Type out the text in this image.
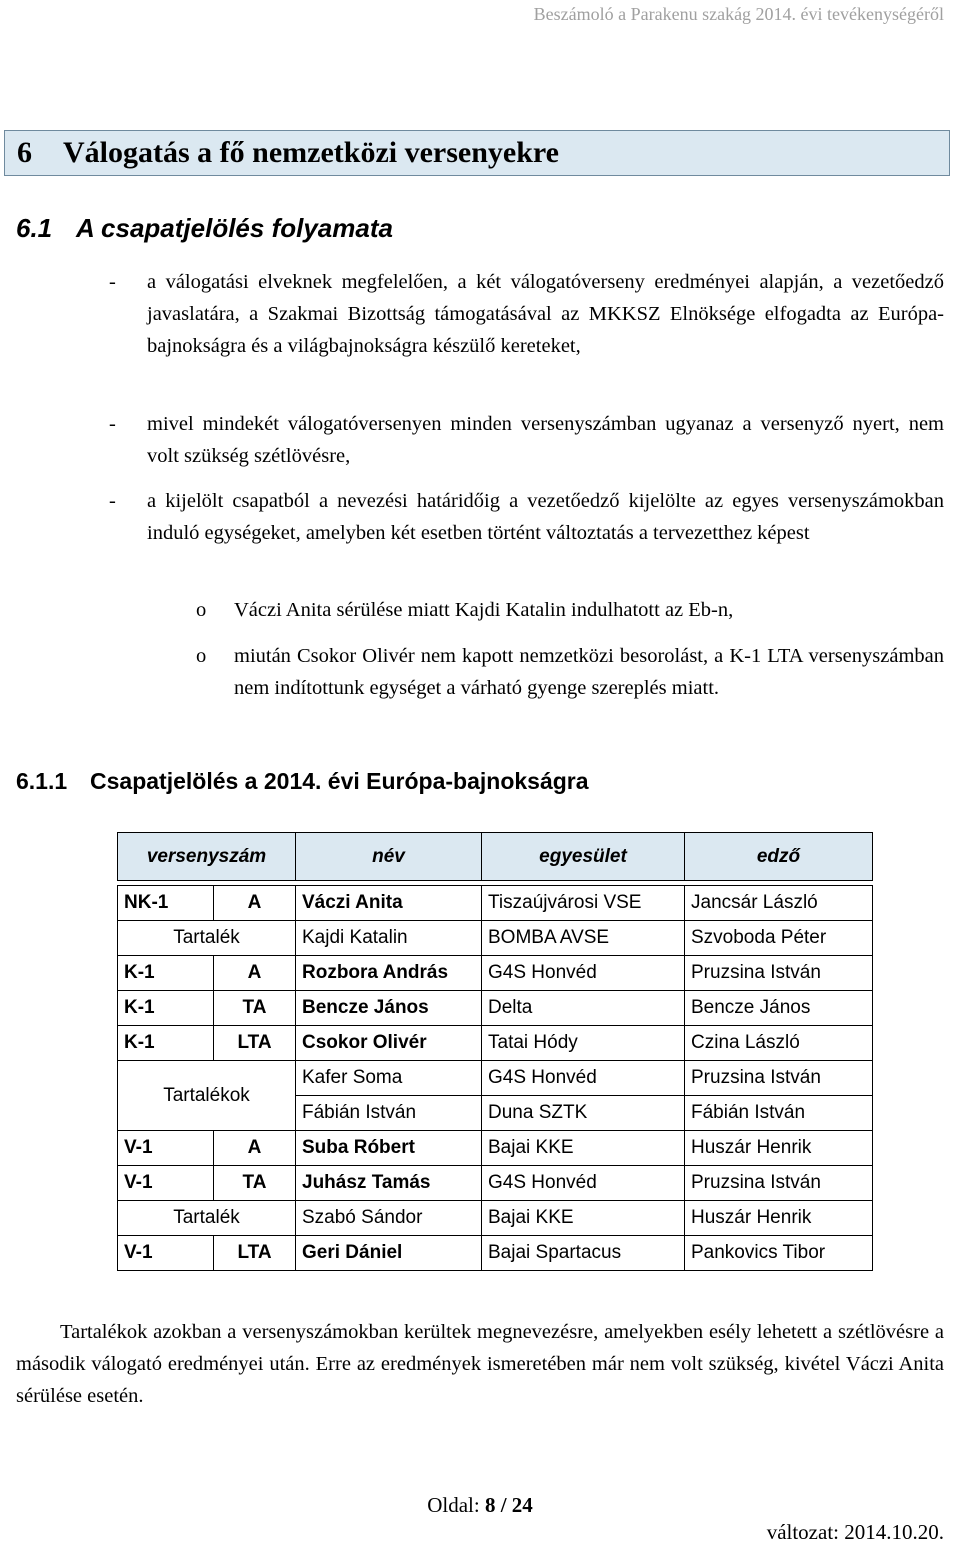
Beszámoló a Parakenu szakág 2014. évi tevékenységéről
6 Válogatás a fő nemzetközi versenyekre
6.1 A csapatjelölés folyamata
- a válogatási elveknek megfelelően, a két válogatóverseny eredményei alapján, a vezetőedző javaslatára, a Szakmai Bizottság támogatásával az MKKSZ Elnöksége elfogadta az Európa-bajnokságra és a világbajnokságra készülő kereteket,
- mivel mindekét válogatóversenyen minden versenyszámban ugyanaz a versenyző nyert, nem volt szükség szétlövésre,
- a kijelölt csapatból a nevezési határidőig a vezetőedző kijelölte az egyes versenyszámokban induló egységeket, amelyben két esetben történt változtatás a tervezetthez képest
o Váczi Anita sérülése miatt Kajdi Katalin indulhatott az Eb-n,
o miután Csokor Olivér nem kapott nemzetközi besorolást, a K-1 LTA versenyszámban nem indítottunk egységet a várható gyenge szereplés miatt.
6.1.1 Csapatjelölés a 2014. évi Európa-bajnokságra
versenyszám		név	egyesület	edző

NK-1	A	Váczi Anita	Tiszaújvárosi VSE	Jancsár László
Tartalék		Kajdi Katalin	BOMBA AVSE	Szvoboda Péter
K-1	A	Rozbora András	G4S Honvéd	Pruzsina István
K-1	TA	Bencze János	Delta	Bencze János
K-1	LTA	Csokor Olivér	Tatai Hódy	Czina László
Tartalékok		Kafer Soma	G4S Honvéd	Pruzsina István
		Fábián István	Duna SZTK	Fábián István
V-1	A	Suba Róbert	Bajai KKE	Huszár Henrik
V-1	TA	Juhász Tamás	G4S Honvéd	Pruzsina István
Tartalék		Szabó Sándor	Bajai KKE	Huszár Henrik
V-1	LTA	Geri Dániel	Bajai Spartacus	Pankovics Tibor
Tartalékok azokban a versenyszámokban kerültek megnevezésre, amelyekben esély lehetett a szétlövésre a második válogató eredményei után. Erre az eredmények ismeretében már nem volt szükség, kivétel Váczi Anita sérülése esetén.
Oldal: 8 / 24
változat: 2014.10.20.
